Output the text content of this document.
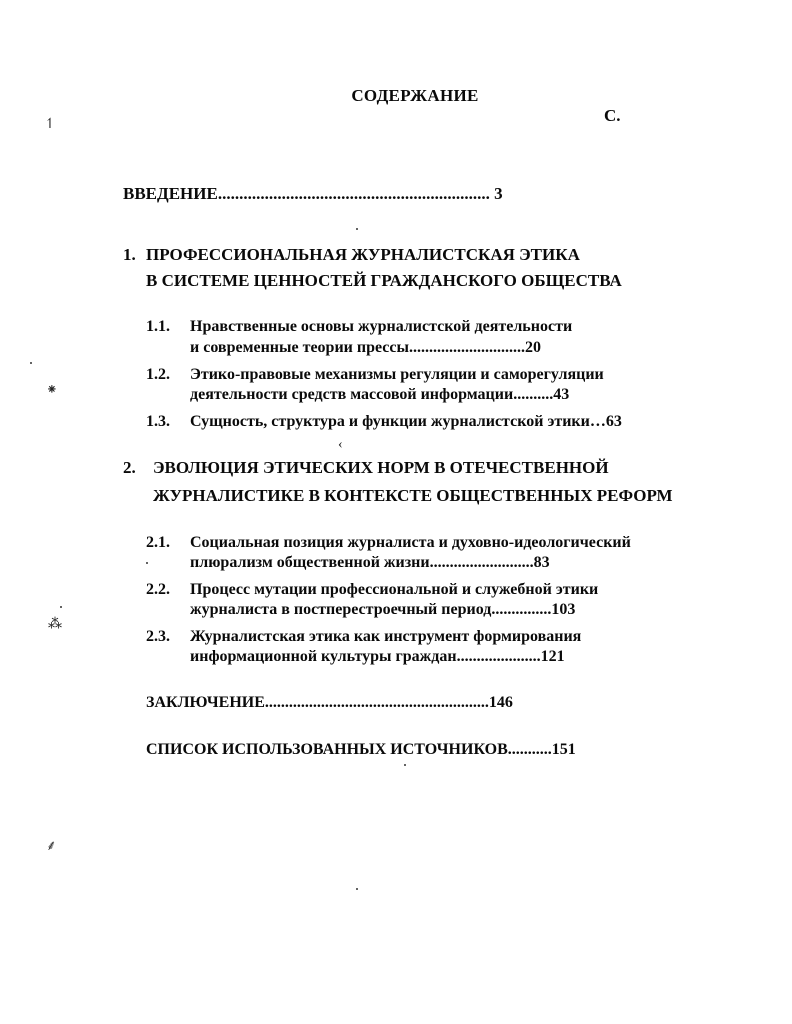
СОДЕРЖАНИЕ
С.
ВВЕДЕНИЕ................................................................ 3
1. ПРОФЕССИОНАЛЬНАЯ ЖУРНАЛИСТСКАЯ ЭТИКА
В СИСТЕМЕ ЦЕННОСТЕЙ ГРАЖДАНСКОГО ОБЩЕСТВА
1.1. Нравственные основы журналистской деятельности
и современные теории прессы.............................20
1.2. Этико-правовые механизмы регуляции и саморегуляции
деятельности средств массовой информации..........43
1.3. Сущность, структура и функции журналистской этики…63
2. ЭВОЛЮЦИЯ ЭТИЧЕСКИХ НОРМ В ОТЕЧЕСТВЕННОЙ
ЖУРНАЛИСТИКЕ В КОНТЕКСТЕ ОБЩЕСТВЕННЫХ РЕФОРМ
2.1. Социальная позиция журналиста и духовно-идеологический
плюрализм общественной жизни..........................83
2.2. Процесс мутации профессиональной и служебной этики
журналиста в постперестроечный период...............103
2.3. Журналистская этика как инструмент формирования
информационной культуры граждан.....................121
ЗАКЛЮЧЕНИЕ........................................................146
СПИСОК ИСПОЛЬЗОВАННЫХ ИСТОЧНИКОВ...........151
↿
⁕
⁂
⸙
‹
